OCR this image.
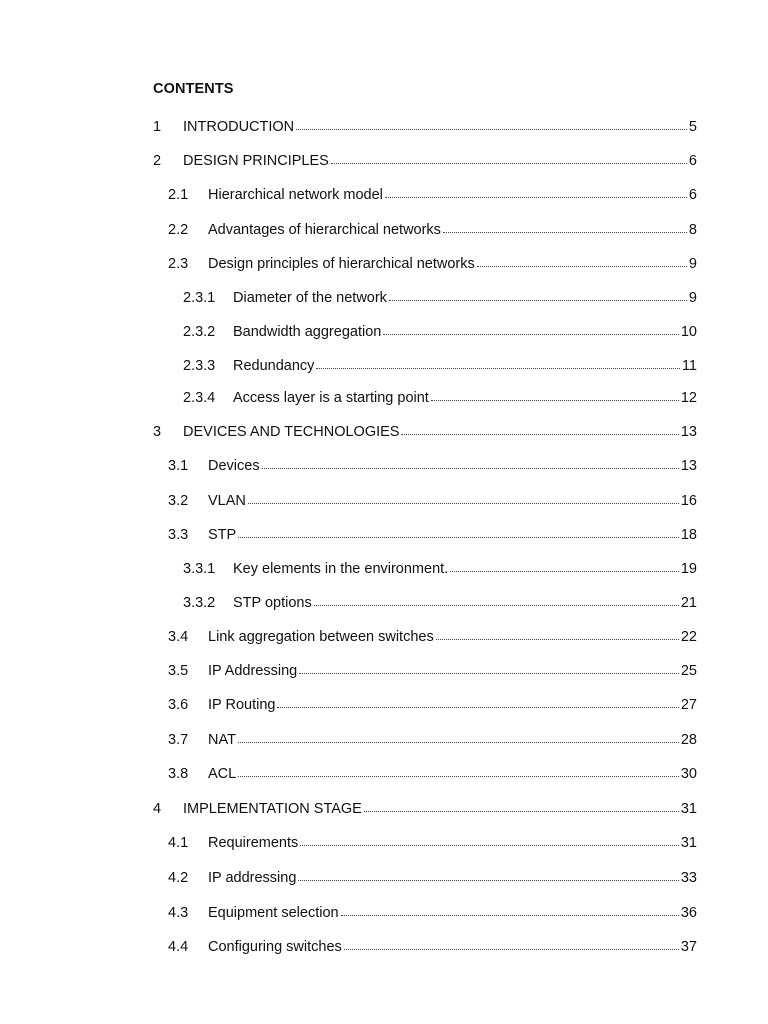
CONTENTS
1	INTRODUCTION	5
2	DESIGN PRINCIPLES	6
2.1	Hierarchical network model	6
2.2	Advantages of hierarchical networks	8
2.3	Design principles of hierarchical networks	9
2.3.1	Diameter of the network	9
2.3.2	Bandwidth aggregation	10
2.3.3	Redundancy	11
2.3.4	Access layer is a starting point	12
3	DEVICES AND TECHNOLOGIES	13
3.1	Devices	13
3.2	VLAN	16
3.3	STP	18
3.3.1	Key elements in the environment.	19
3.3.2	STP options	21
3.4	Link aggregation between switches	22
3.5	IP Addressing	25
3.6	IP Routing	27
3.7	NAT	28
3.8	ACL	30
4	IMPLEMENTATION STAGE	31
4.1	Requirements	31
4.2	IP addressing	33
4.3	Equipment selection	36
4.4	Configuring switches	37
